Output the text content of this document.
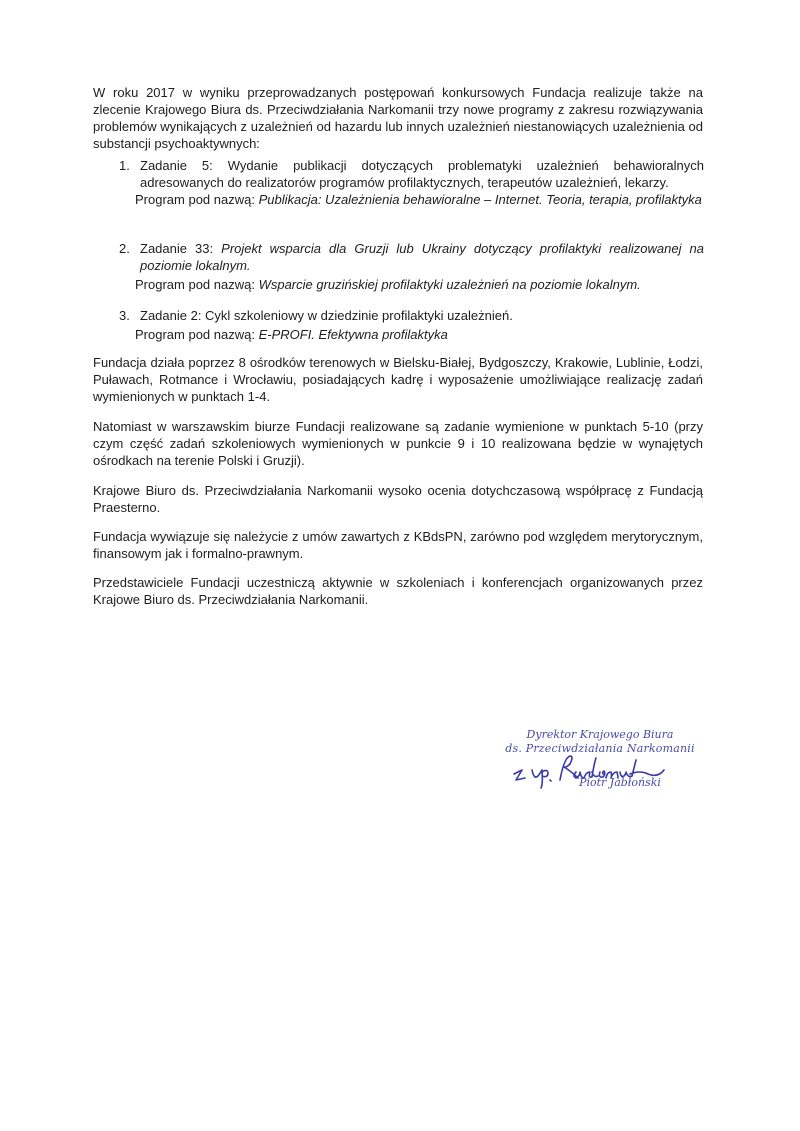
W roku 2017 w wyniku przeprowadzanych postępowań konkursowych Fundacja realizuje także na zlecenie Krajowego Biura ds. Przeciwdziałania Narkomanii trzy nowe programy z zakresu rozwiązywania problemów wynikających z uzależnień od hazardu lub innych uzależnień niestanowiących uzależnienia od substancji psychoaktywnych:

1. Zadanie 5: Wydanie publikacji dotyczących problematyki uzależnień behawioralnych adresowanych do realizatorów programów profilaktycznych, terapeutów uzależnień, lekarzy.
Program pod nazwą: Publikacja: Uzależnienia behawioralne – Internet. Teoria, terapia, profilaktyka
2. Zadanie 33: Projekt wsparcia dla Gruzji lub Ukrainy dotyczący profilaktyki realizowanej na poziomie lokalnym.
Program pod nazwą: Wsparcie gruzińskiej profilaktyki uzależnień na poziomie lokalnym.
3. Zadanie 2: Cykl szkoleniowy w dziedzinie profilaktyki uzależnień.
Program pod nazwą: E-PROFI. Efektywna profilaktyka

Fundacja działa poprzez 8 ośrodków terenowych w Bielsku-Białej, Bydgoszczy, Krakowie, Lublinie, Łodzi, Puławach, Rotmance i Wrocławiu, posiadających kadrę i wyposażenie umożliwiające realizację zadań wymienionych w punktach 1-4.

Natomiast w warszawskim biurze Fundacji realizowane są zadanie wymienione w punktach 5-10 (przy czym część zadań szkoleniowych wymienionych w punkcie 9 i 10 realizowana będzie w wynajętych ośrodkach na terenie Polski i Gruzji).

Krajowe Biuro ds. Przeciwdziałania Narkomanii wysoko ocenia dotychczasową współpracę z Fundacją Praesterno.

Fundacja wywiązuje się należycie z umów zawartych z KBdsPN, zarówno pod względem merytorycznym, finansowym jak i formalno-prawnym.

Przedstawiciele Fundacji uczestniczą aktywnie w szkoleniach i konferencjach organizowanych przez Krajowe Biuro ds. Przeciwdziałania Narkomanii.

Dyrektor Krajowego Biura
ds. Przeciwdziałania Narkomanii
Piotr Jabłoński
